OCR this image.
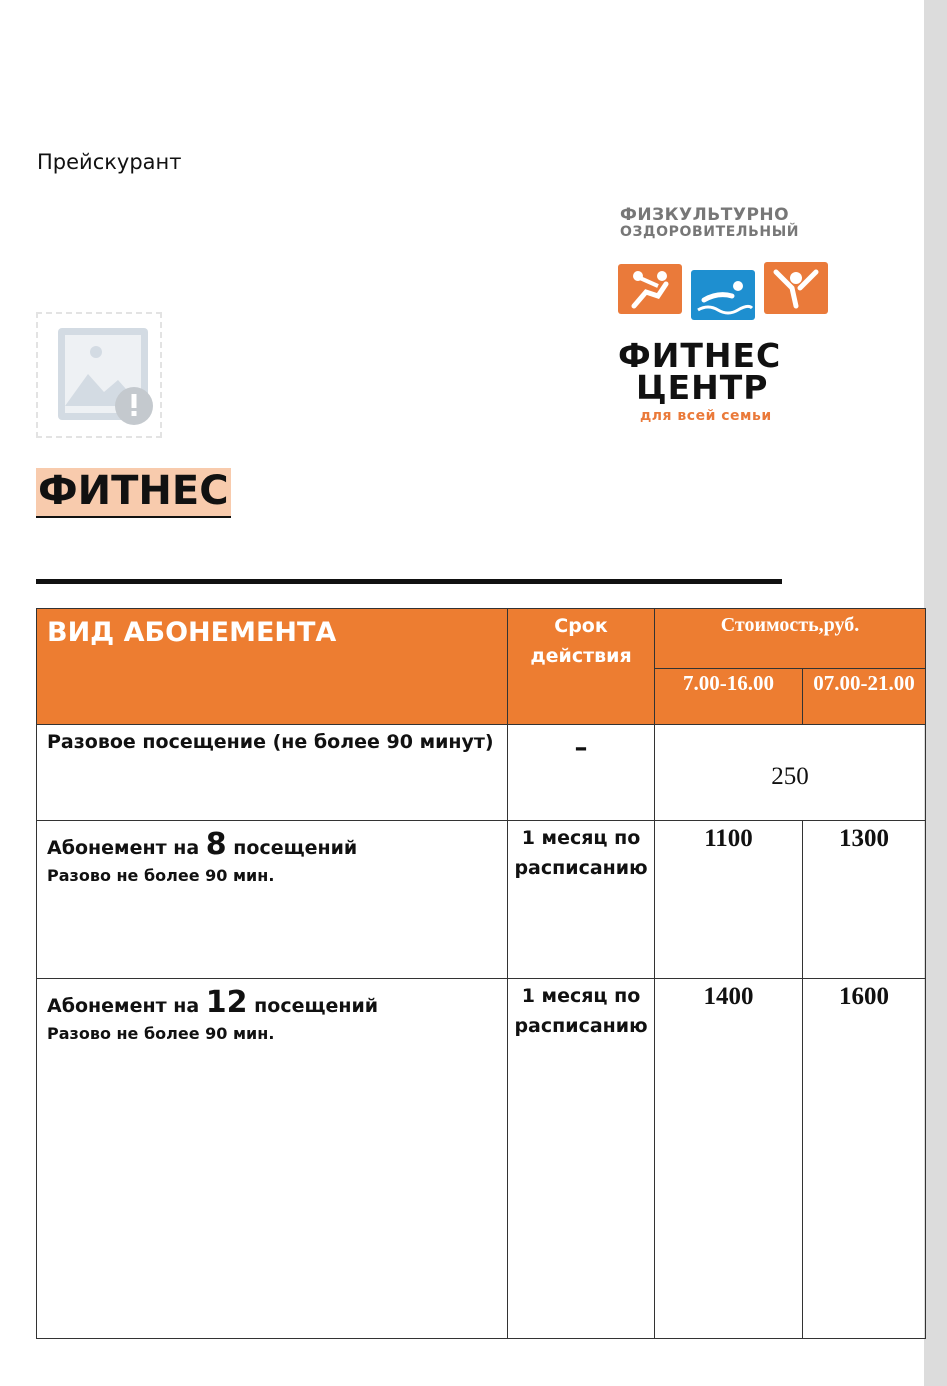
Прейскурант
ФИЗКУЛЬТУРНО
ОЗДОРОВИТЕЛЬНЫЙ
ФИТНЕС
ЦЕНТР
для всей семьи
ФИТНЕС
ВИД АБОНЕМЕНТА	Срок действия	Стоимость,руб.	
		7.00-16.00	07.00-21.00

Разовое посещение (не более 90 минут)	–	250	

Абонемент на 8 посещений
Разово не более 90 мин.	1 месяц по расписанию	1100	1300

Абонемент на 12 посещений
Разово не более 90 мин.	1 месяц по расписанию	1400	1600
